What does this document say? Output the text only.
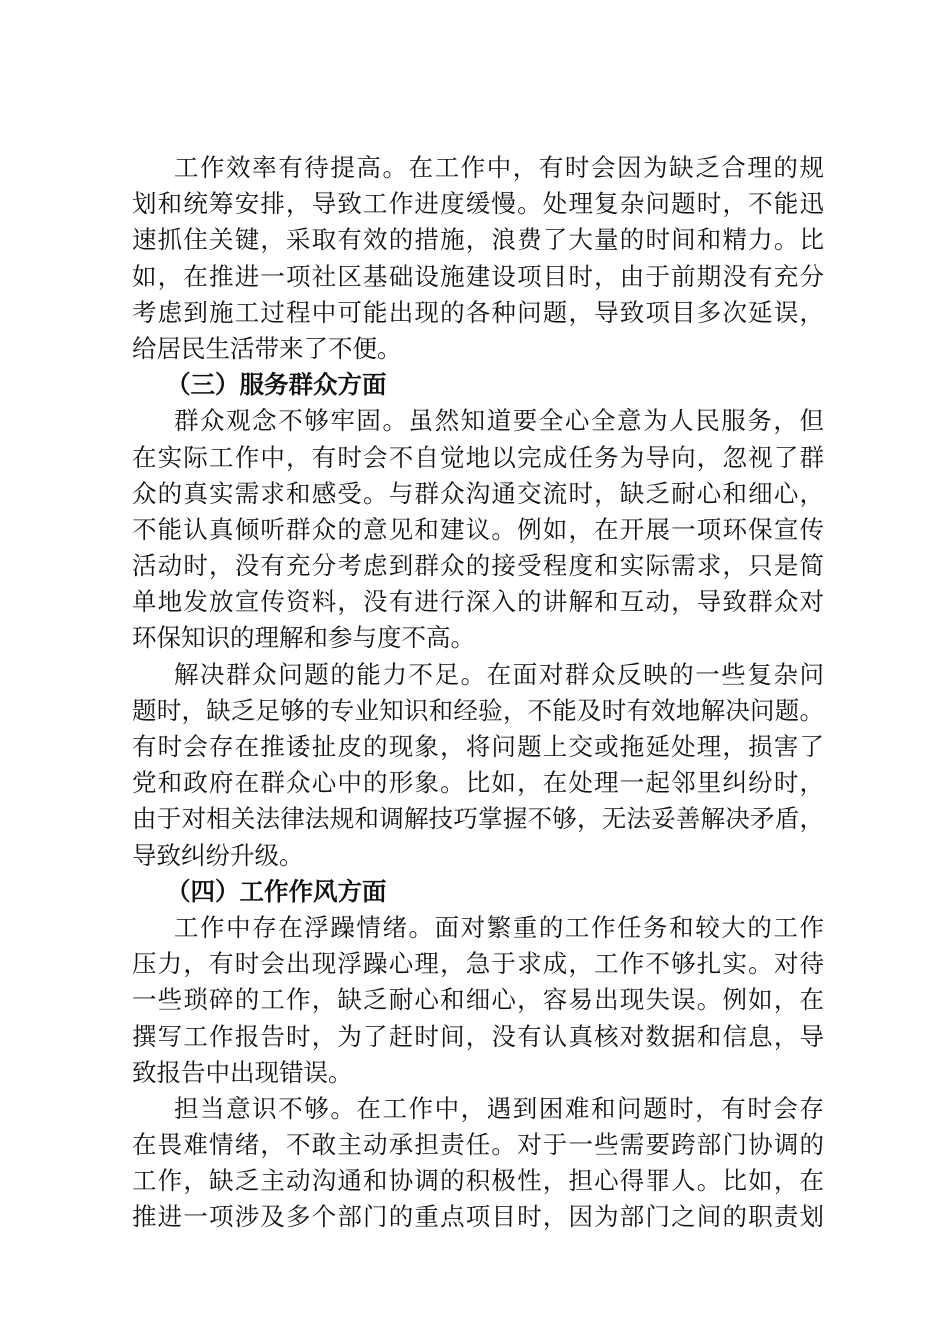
工作效率有待提高。在工作中，有时会因为缺乏合理的规
划和统筹安排，导致工作进度缓慢。处理复杂问题时，不能迅
速抓住关键，采取有效的措施，浪费了大量的时间和精力。比
如，在推进一项社区基础设施建设项目时，由于前期没有充分
考虑到施工过程中可能出现的各种问题，导致项目多次延误，
给居民生活带来了不便。
（三）服务群众方面
群众观念不够牢固。虽然知道要全心全意为人民服务，但
在实际工作中，有时会不自觉地以完成任务为导向，忽视了群
众的真实需求和感受。与群众沟通交流时，缺乏耐心和细心，
不能认真倾听群众的意见和建议。例如，在开展一项环保宣传
活动时，没有充分考虑到群众的接受程度和实际需求，只是简
单地发放宣传资料，没有进行深入的讲解和互动，导致群众对
环保知识的理解和参与度不高。
解决群众问题的能力不足。在面对群众反映的一些复杂问
题时，缺乏足够的专业知识和经验，不能及时有效地解决问题。
有时会存在推诿扯皮的现象，将问题上交或拖延处理，损害了
党和政府在群众心中的形象。比如，在处理一起邻里纠纷时，
由于对相关法律法规和调解技巧掌握不够，无法妥善解决矛盾，
导致纠纷升级。
（四）工作作风方面
工作中存在浮躁情绪。面对繁重的工作任务和较大的工作
压力，有时会出现浮躁心理，急于求成，工作不够扎实。对待
一些琐碎的工作，缺乏耐心和细心，容易出现失误。例如，在
撰写工作报告时，为了赶时间，没有认真核对数据和信息，导
致报告中出现错误。
担当意识不够。在工作中，遇到困难和问题时，有时会存
在畏难情绪，不敢主动承担责任。对于一些需要跨部门协调的
工作，缺乏主动沟通和协调的积极性，担心得罪人。比如，在
推进一项涉及多个部门的重点项目时，因为部门之间的职责划
